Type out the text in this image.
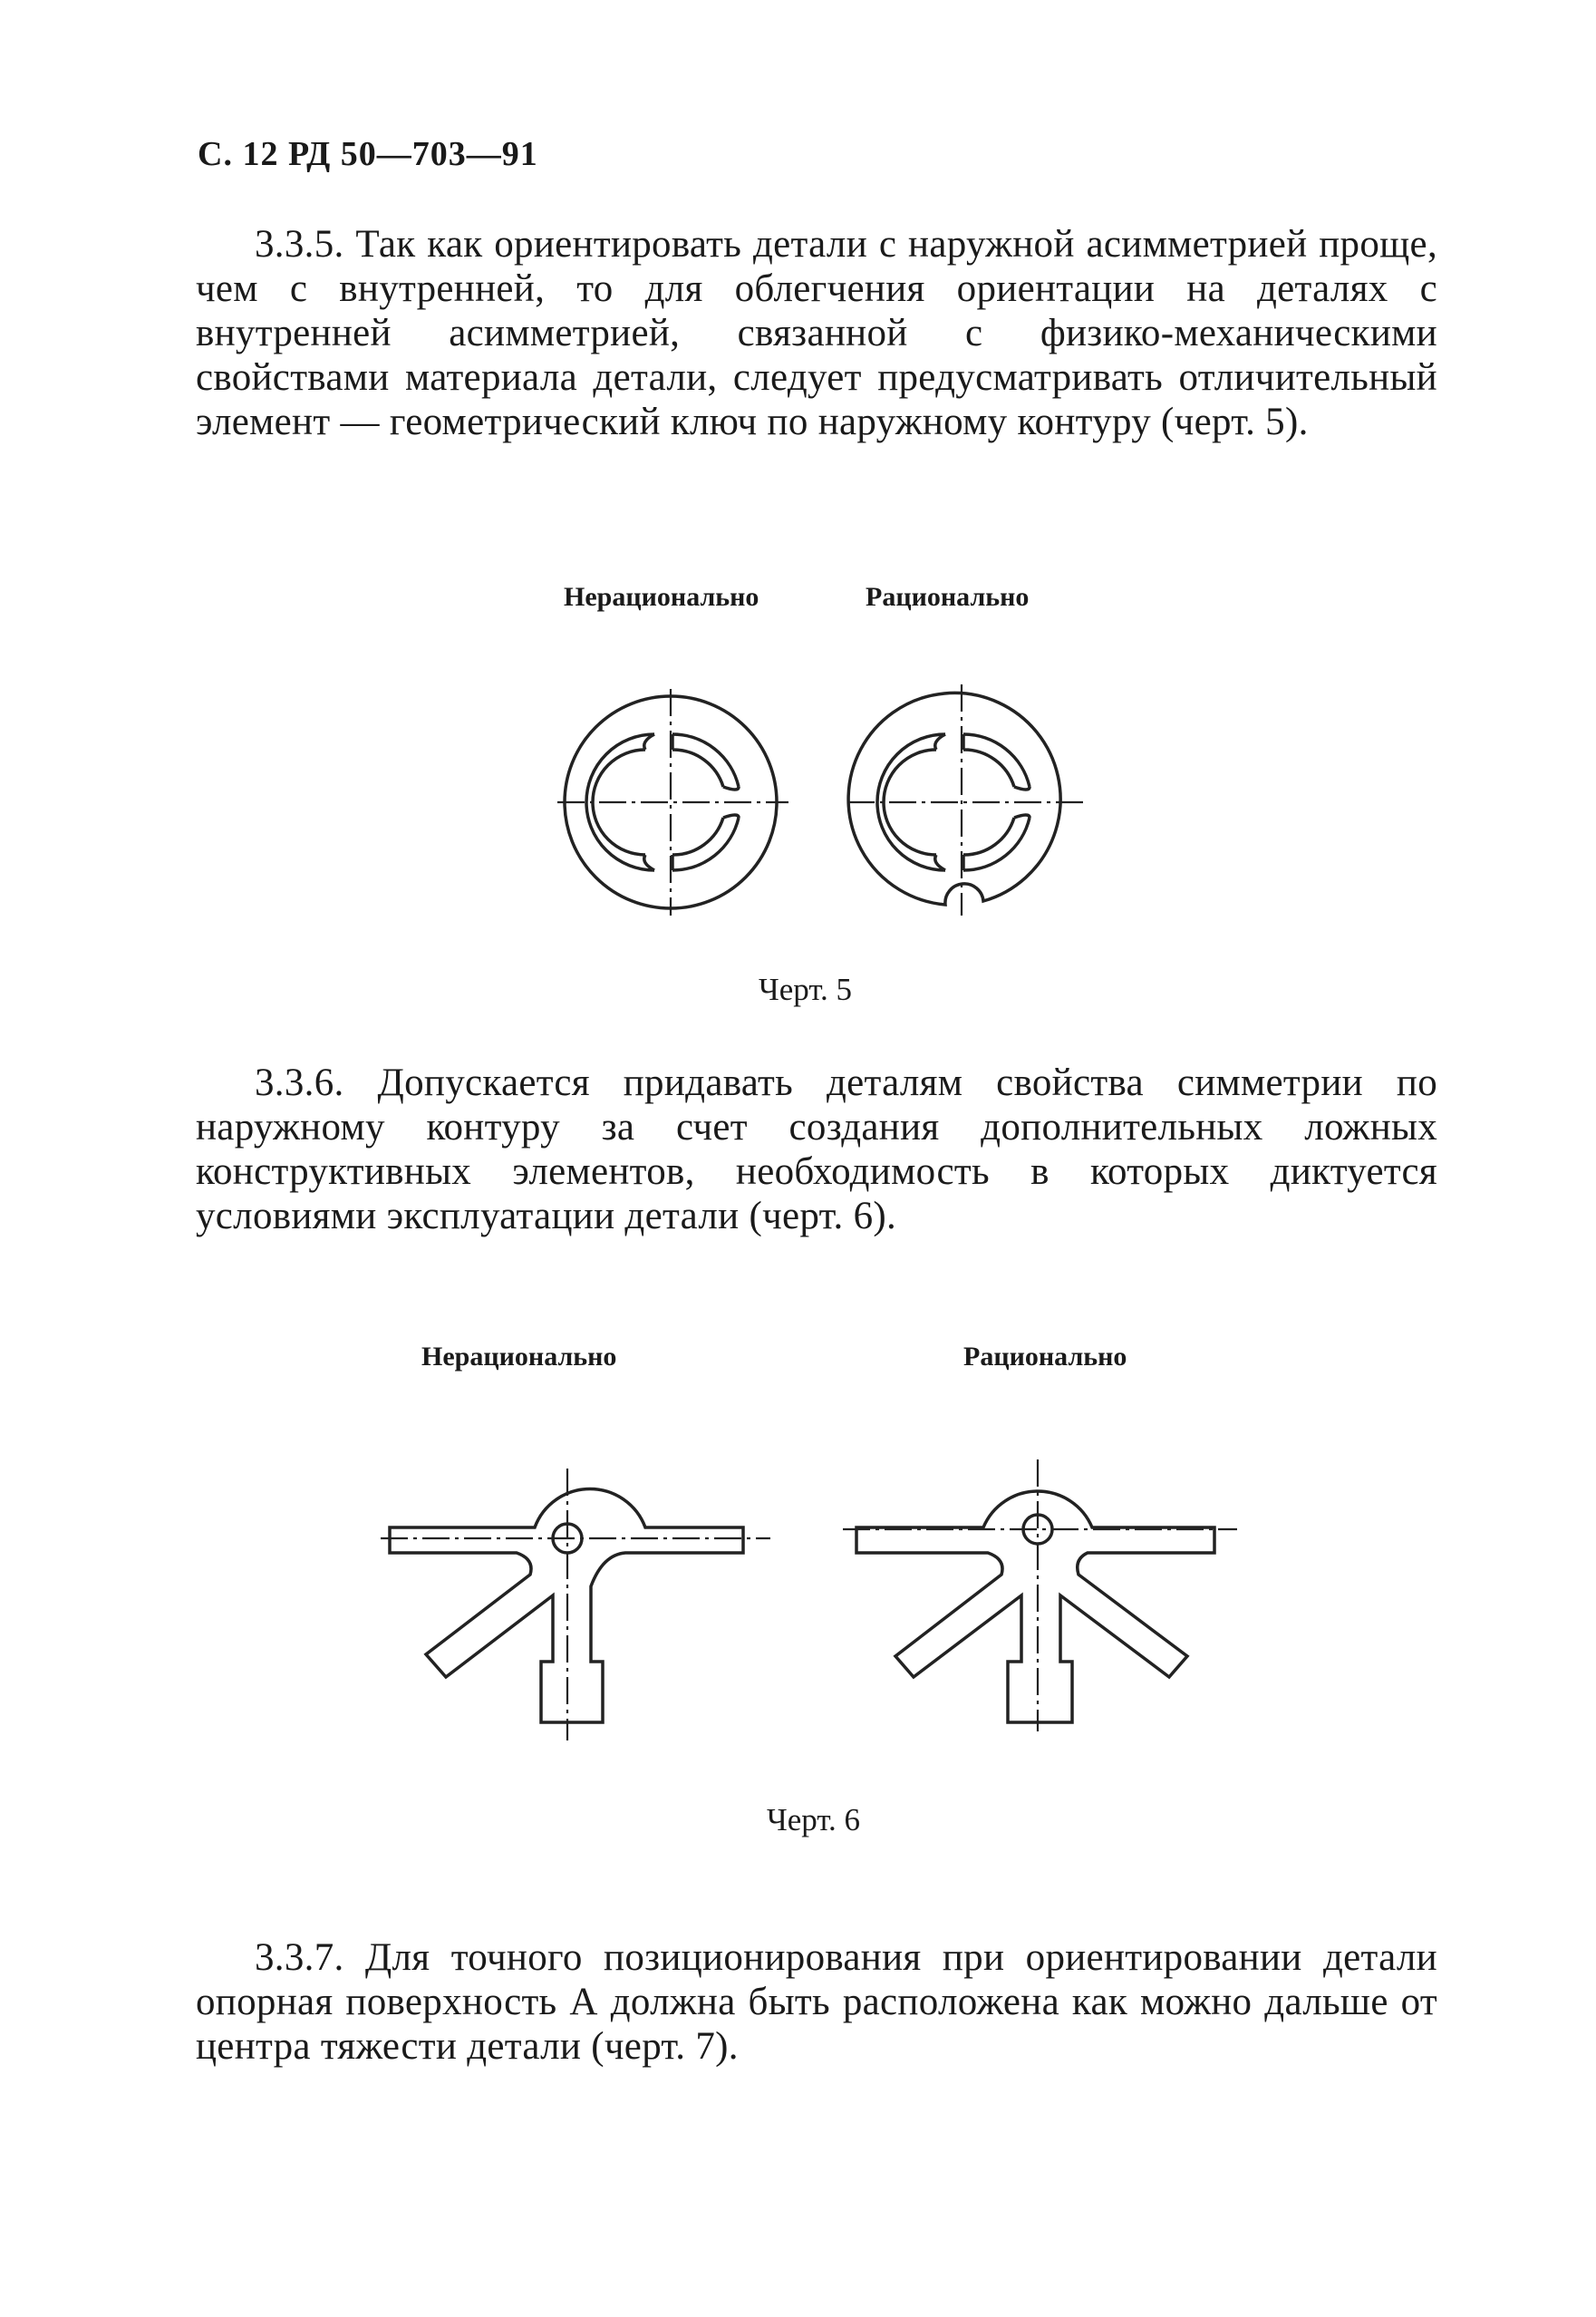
С. 12 РД 50—703—91
3.3.5. Так как ориентировать детали с наружной асимметрией проще, чем с внутренней, то для облегчения ориентации на деталях с внутренней асимметрией, связанной с физико-механическими свойствами материала детали, следует предусматривать отличительный элемент — геометрический ключ по наружному контуру (черт. 5).
Нерационально	Рационально
Черт. 5
3.3.6. Допускается придавать деталям свойства симметрии по наружному контуру за счет создания дополнительных ложных конструктивных элементов, необходимость в которых диктуется условиями эксплуатации детали (черт. 6).
Нерационально	Рационально
Черт. 6
3.3.7. Для точного позиционирования при ориентировании детали опорная поверхность А должна быть расположена как можно дальше от центра тяжести детали (черт. 7).
